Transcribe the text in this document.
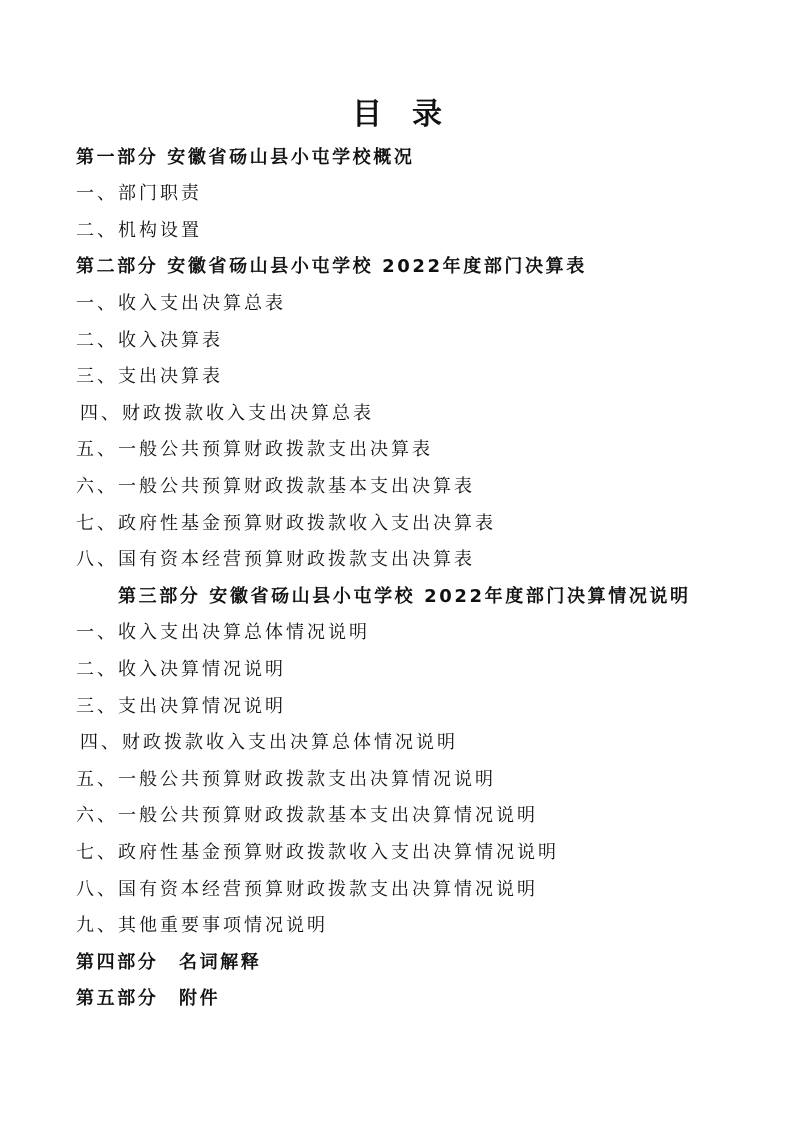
目　录
第一部分 安徽省砀山县小屯学校概况
一、部门职责
二、机构设置
第二部分 安徽省砀山县小屯学校 2022年度部门决算表
一、收入支出决算总表
二、收入决算表
三、支出决算表
四、财政拨款收入支出决算总表
五、一般公共预算财政拨款支出决算表
六、一般公共预算财政拨款基本支出决算表
七、政府性基金预算财政拨款收入支出决算表
八、国有资本经营预算财政拨款支出决算表
第三部分 安徽省砀山县小屯学校 2022年度部门决算情况说明
一、收入支出决算总体情况说明
二、收入决算情况说明
三、支出决算情况说明
四、财政拨款收入支出决算总体情况说明
五、一般公共预算财政拨款支出决算情况说明
六、一般公共预算财政拨款基本支出决算情况说明
七、政府性基金预算财政拨款收入支出决算情况说明
八、国有资本经营预算财政拨款支出决算情况说明
九、其他重要事项情况说明
第四部分　名词解释
第五部分　附件
